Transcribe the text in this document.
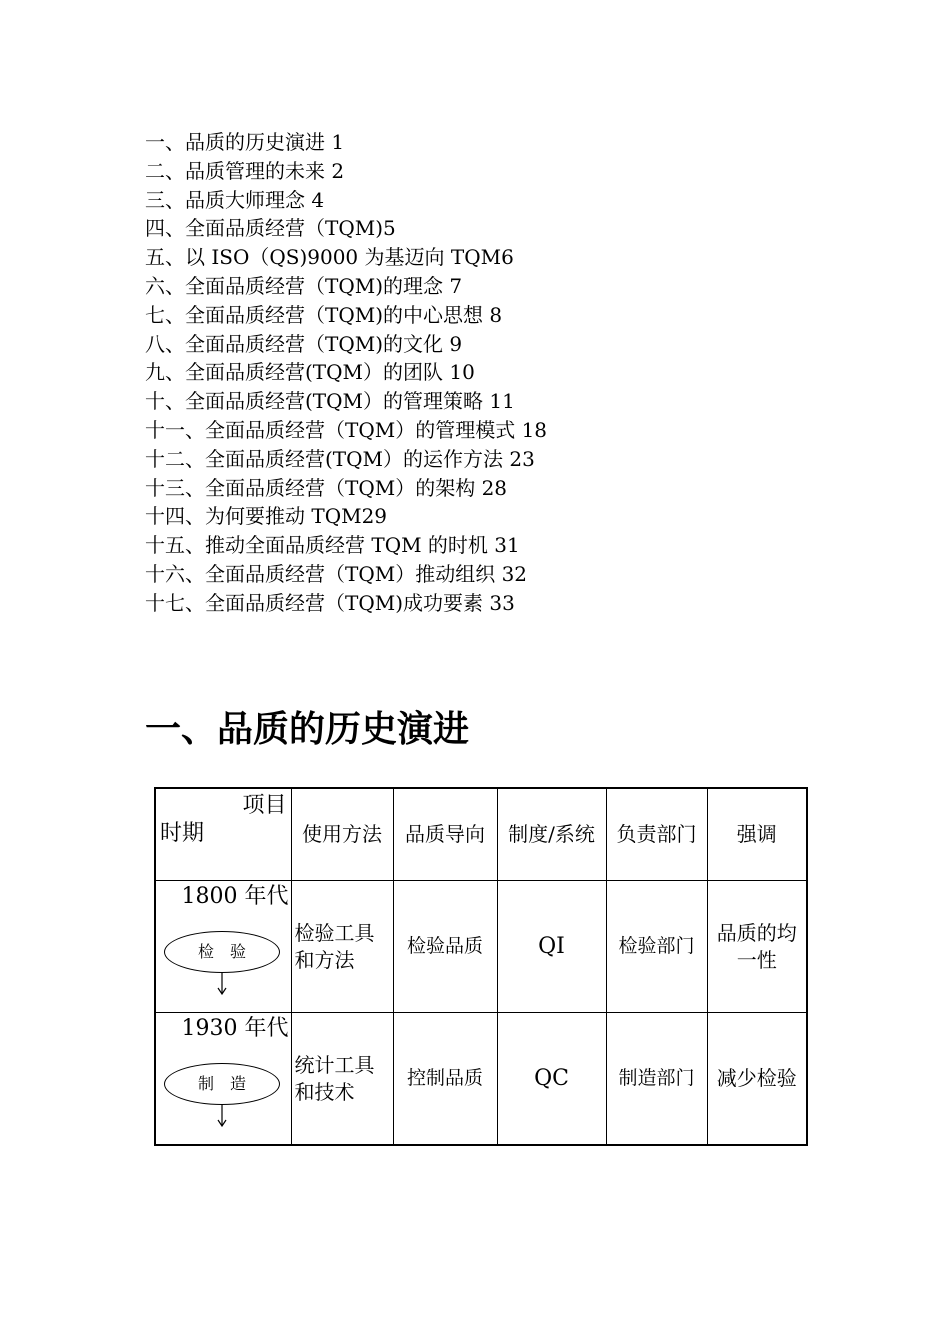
一、品质的历史演进 1
二、品质管理的未来 2
三、品质大师理念 4
四、全面品质经营（TQM)5
五、以 ISO（QS)9000 为基迈向 TQM6
六、全面品质经营（TQM)的理念 7
七、全面品质经营（TQM)的中心思想 8
八、全面品质经营（TQM)的文化 9
九、全面品质经营(TQM）的团队 10
十、全面品质经营(TQM）的管理策略 11
十一、全面品质经营（TQM）的管理模式 18
十二、全面品质经营(TQM）的运作方法 23
十三、全面品质经营（TQM）的架构 28
十四、为何要推动 TQM29
十五、推动全面品质经营 TQM 的时机 31
十六、全面品质经营（TQM）推动组织 32
十七、全面品质经营（TQM)成功要素 33
一、品质的历史演进
项目
时期	使用方法	品质导向	制度/系统	负责部门	强调

1800 年代
检验	检验工具和方法	检验品质	QI	检验部门	品质的均一性

1930 年代
制造	统计工具和技术	控制品质	QC	制造部门	减少检验
